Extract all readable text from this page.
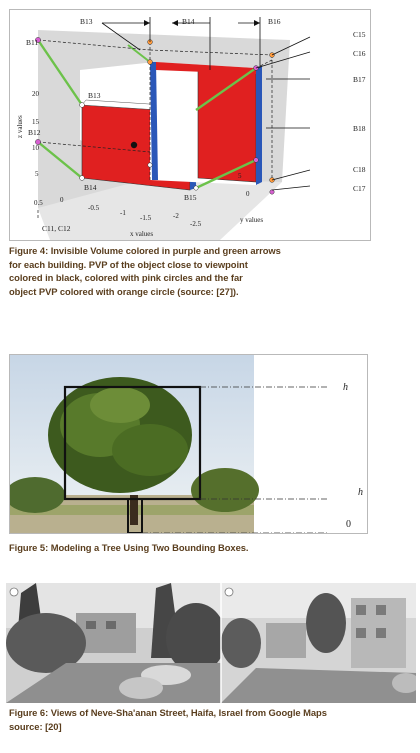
B13	B14	B16
C15
C16
B17
B18
C18
C17
B11
B12
B13
B14
B15
C11, C12
z values
20
15
10
5
0.5 0
-0.5
-1
-1.5	-2
-2.5
x values
5
0
y values
Figure 4: Invisible Volume colored in purple and green arrows
for each building. PVP of the object close to viewpoint
colored in black, colored with pink circles and the far
object PVP colored with orange circle (source: [27]).
h
h
0
Figure 5: Modeling a Tree Using Two Bounding Boxes.
Figure 6: Views of Neve-Sha'anan Street, Haifa, Israel from Google Maps
source: [20]
